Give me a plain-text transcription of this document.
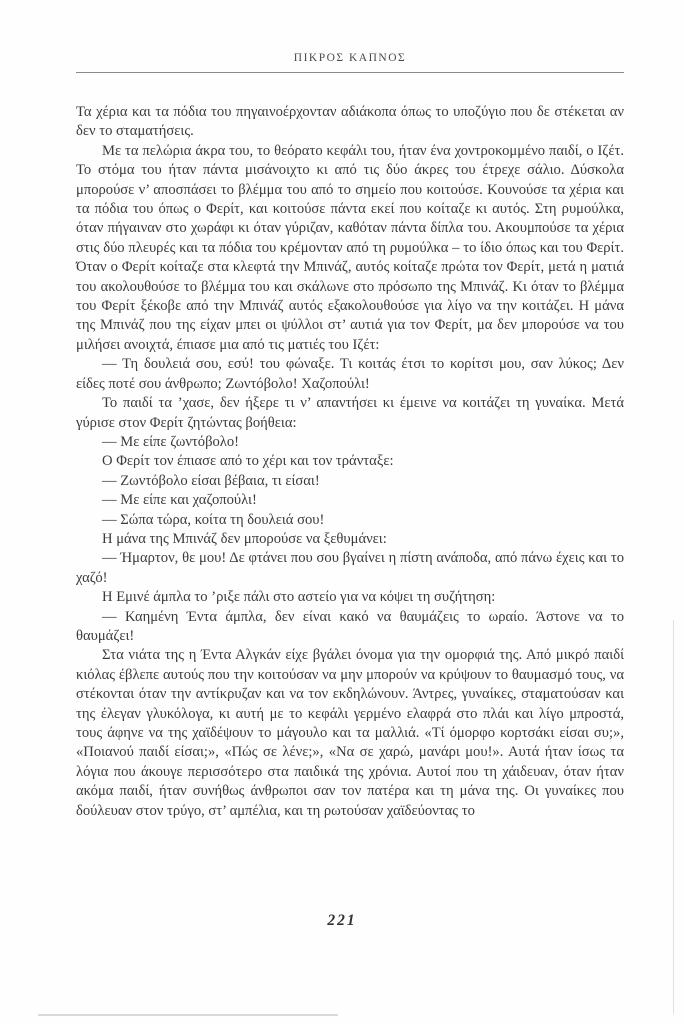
ΠΙΚΡΟΣ ΚΑΠΝΟΣ

Τα χέρια και τα πόδια του πηγαινοέρχονταν αδιάκοπα όπως το υποζύγιο που δε στέκεται αν δεν το σταματήσεις.

Με τα πελώρια άκρα του, το θεόρατο κεφάλι του, ήταν ένα χοντροκομμένο παιδί, ο Ιζέτ. Το στόμα του ήταν πάντα μισάνοιχτο κι από τις δύο άκρες του έτρεχε σάλιο. Δύσκολα μπορούσε ν’ αποσπάσει το βλέμμα του από το σημείο που κοιτούσε. Κουνούσε τα χέρια και τα πόδια του όπως ο Φερίτ, και κοιτούσε πάντα εκεί που κοίταζε κι αυτός. Στη ρυμούλκα, όταν πήγαιναν στο χωράφι κι όταν γύριζαν, καθόταν πάντα δίπλα του. Ακουμπούσε τα χέρια στις δύο πλευρές και τα πόδια του κρέμονταν από τη ρυμούλκα – το ίδιο όπως και του Φερίτ. Όταν ο Φερίτ κοίταζε στα κλεφτά την Μπινάζ, αυτός κοίταζε πρώτα τον Φερίτ, μετά η ματιά του ακολουθούσε το βλέμμα του και σκάλωνε στο πρόσωπο της Μπινάζ. Κι όταν το βλέμμα του Φερίτ ξέκοβε από την Μπινάζ αυτός εξακολουθούσε για λίγο να την κοιτάζει. Η μάνα της Μπινάζ που της είχαν μπει οι ψύλλοι στ’ αυτιά για τον Φερίτ, μα δεν μπορούσε να του μιλήσει ανοιχτά, έπιασε μια από τις ματιές του Ιζέτ:

— Τη δουλειά σου, εσύ! του φώναξε. Τι κοιτάς έτσι το κορίτσι μου, σαν λύκος; Δεν είδες ποτέ σου άνθρωπο; Ζωντόβολο! Χαζοπούλι!

Το παιδί τα ’χασε, δεν ήξερε τι ν’ απαντήσει κι έμεινε να κοιτάζει τη γυναίκα. Μετά γύρισε στον Φερίτ ζητώντας βοήθεια:

— Με είπε ζωντόβολο!

Ο Φερίτ τον έπιασε από το χέρι και τον τράνταξε:

— Ζωντόβολο είσαι βέβαια, τι είσαι!

— Με είπε και χαζοπούλι!

— Σώπα τώρα, κοίτα τη δουλειά σου!

Η μάνα της Μπινάζ δεν μπορούσε να ξεθυμάνει:

— Ήμαρτον, θε μου! Δε φτάνει που σου βγαίνει η πίστη ανάποδα, από πάνω έχεις και το χαζό!

Η Εμινέ άμπλα το ’ριξε πάλι στο αστείο για να κόψει τη συζήτηση:

— Καημένη Έντα άμπλα, δεν είναι κακό να θαυμάζεις το ωραίο. Άστονε να το θαυμάζει!

Στα νιάτα της η Έντα Αλγκάν είχε βγάλει όνομα για την ομορφιά της. Από μικρό παιδί κιόλας έβλεπε αυτούς που την κοιτούσαν να μην μπορούν να κρύψουν το θαυμασμό τους, να στέκονται όταν την αντίκρυζαν και να τον εκδηλώνουν. Άντρες, γυναίκες, σταματούσαν και της έλεγαν γλυκόλογα, κι αυτή με το κεφάλι γερμένο ελαφρά στο πλάι και λίγο μπροστά, τους άφηνε να της χαϊδέψουν το μάγουλο και τα μαλλιά. «Τί όμορφο κορτσάκι είσαι συ;», «Ποιανού παιδί είσαι;», «Πώς σε λένε;», «Να σε χαρώ, μανάρι μου!». Αυτά ήταν ίσως τα λόγια που άκουγε περισσότερο στα παιδικά της χρόνια. Αυτοί που τη χάιδευαν, όταν ήταν ακόμα παιδί, ήταν συνήθως άνθρωποι σαν τον πατέρα και τη μάνα της. Οι γυναίκες που δούλευαν στον τρύγο, στ’ αμπέλια, και τη ρωτούσαν χαϊδεύοντας το

221
